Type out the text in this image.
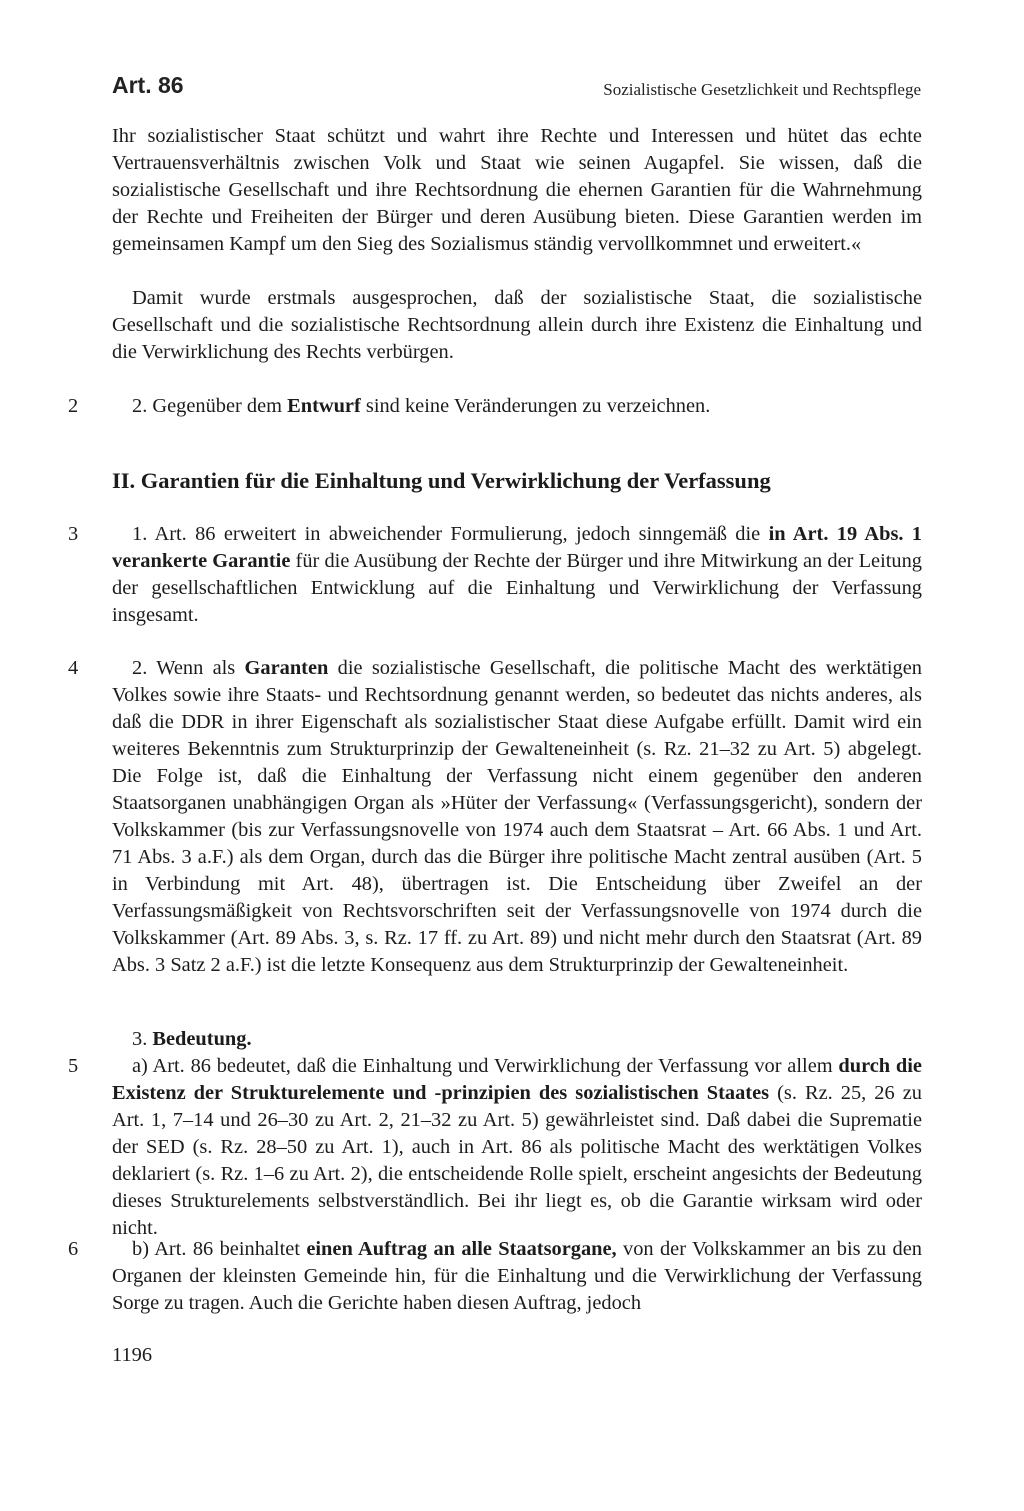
Art. 86	Sozialistische Gesetzlichkeit und Rechtspflege

Ihr sozialistischer Staat schützt und wahrt ihre Rechte und Interessen und hütet das echte Vertrauensverhältnis zwischen Volk und Staat wie seinen Augapfel. Sie wissen, daß die sozialistische Gesellschaft und ihre Rechtsordnung die ehernen Garantien für die Wahrnehmung der Rechte und Freiheiten der Bürger und deren Ausübung bieten. Diese Garantien werden im gemeinsamen Kampf um den Sieg des Sozialismus ständig vervollkommnet und erweitert.«

Damit wurde erstmals ausgesprochen, daß der sozialistische Staat, die sozialistische Gesellschaft und die sozialistische Rechtsordnung allein durch ihre Existenz die Einhaltung und die Verwirklichung des Rechts verbürgen.

2	2. Gegenüber dem Entwurf sind keine Veränderungen zu verzeichnen.

II. Garantien für die Einhaltung und Verwirklichung der Verfassung
3	1. Art. 86 erweitert in abweichender Formulierung, jedoch sinngemäß die in Art. 19 Abs. 1 verankerte Garantie für die Ausübung der Rechte der Bürger und ihre Mitwirkung an der Leitung der gesellschaftlichen Entwicklung auf die Einhaltung und Verwirklichung der Verfassung insgesamt.

4	2. Wenn als Garanten die sozialistische Gesellschaft, die politische Macht des werktätigen Volkes sowie ihre Staats- und Rechtsordnung genannt werden, so bedeutet das nichts anderes, als daß die DDR in ihrer Eigenschaft als sozialistischer Staat diese Aufgabe erfüllt. Damit wird ein weiteres Bekenntnis zum Strukturprinzip der Gewalteneinheit (s. Rz. 21–32 zu Art. 5) abgelegt. Die Folge ist, daß die Einhaltung der Verfassung nicht einem gegenüber den anderen Staatsorganen unabhängigen Organ als »Hüter der Verfassung« (Verfassungsgericht), sondern der Volkskammer (bis zur Verfassungsnovelle von 1974 auch dem Staatsrat – Art. 66 Abs. 1 und Art. 71 Abs. 3 a.F.) als dem Organ, durch das die Bürger ihre politische Macht zentral ausüben (Art. 5 in Verbindung mit Art. 48), übertragen ist. Die Entscheidung über Zweifel an der Verfassungsmäßigkeit von Rechtsvorschriften seit der Verfassungsnovelle von 1974 durch die Volkskammer (Art. 89 Abs. 3, s. Rz. 17 ff. zu Art. 89) und nicht mehr durch den Staatsrat (Art. 89 Abs. 3 Satz 2 a.F.) ist die letzte Konsequenz aus dem Strukturprinzip der Gewalteneinheit.

3. Bedeutung.

5	a) Art. 86 bedeutet, daß die Einhaltung und Verwirklichung der Verfassung vor allem durch die Existenz der Strukturelemente und -prinzipien des sozialistischen Staates (s. Rz. 25, 26 zu Art. 1, 7–14 und 26–30 zu Art. 2, 21–32 zu Art. 5) gewährleistet sind. Daß dabei die Suprematie der SED (s. Rz. 28–50 zu Art. 1), auch in Art. 86 als politische Macht des werktätigen Volkes deklariert (s. Rz. 1–6 zu Art. 2), die entscheidende Rolle spielt, erscheint angesichts der Bedeutung dieses Strukturelements selbstverständlich. Bei ihr liegt es, ob die Garantie wirksam wird oder nicht.

6	b) Art. 86 beinhaltet einen Auftrag an alle Staatsorgane, von der Volkskammer an bis zu den Organen der kleinsten Gemeinde hin, für die Einhaltung und die Verwirklichung der Verfassung Sorge zu tragen. Auch die Gerichte haben diesen Auftrag, jedoch

1196
